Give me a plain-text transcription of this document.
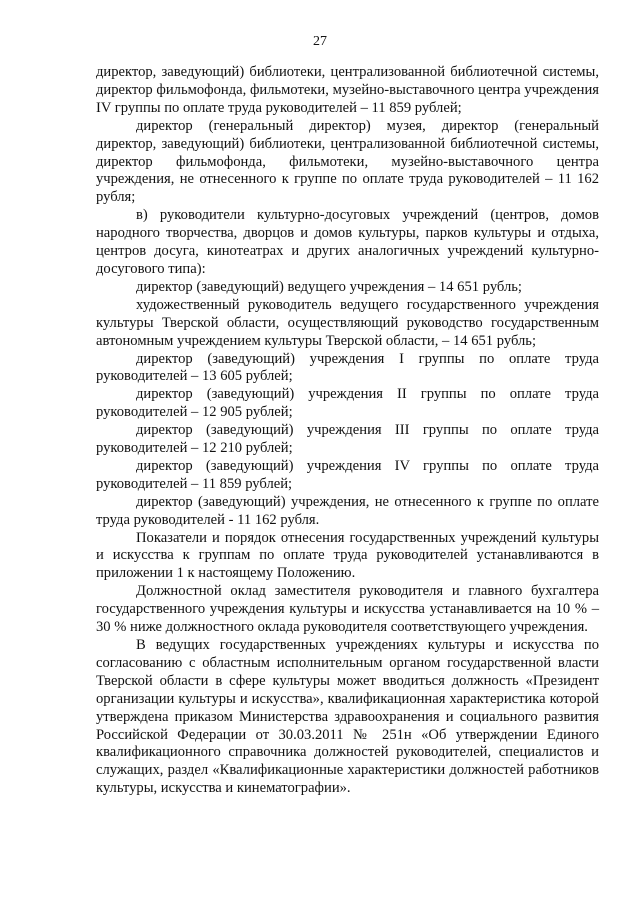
27

директор, заведующий) библиотеки, централизованной библиотечной системы, директор фильмофонда, фильмотеки, музейно-выставочного центра учреждения IV группы по оплате труда руководителей – 11 859 рублей;

директор (генеральный директор) музея, директор (генеральный директор, заведующий) библиотеки, централизованной библиотечной системы, директор фильмофонда, фильмотеки, музейно-выставочного центра учреждения, не отнесенного к группе по оплате труда руководителей – 11 162 рубля;

в) руководители культурно-досуговых учреждений (центров, домов народного творчества, дворцов и домов культуры, парков культуры и отдыха, центров досуга, кинотеатрах и других аналогичных учреждений культурно-досугового типа):

директор (заведующий) ведущего учреждения – 14 651 рубль;

художественный руководитель ведущего государственного учреждения культуры Тверской области, осуществляющий руководство государственным автономным учреждением культуры Тверской области, – 14 651 рубль;

директор (заведующий) учреждения I группы по оплате труда руководителей – 13 605 рублей;

директор (заведующий) учреждения II группы по оплате труда руководителей – 12 905 рублей;

директор (заведующий) учреждения III группы по оплате труда руководителей – 12 210 рублей;

директор (заведующий) учреждения IV группы по оплате труда руководителей – 11 859 рублей;

директор (заведующий) учреждения, не отнесенного к группе по оплате труда руководителей - 11 162 рубля.

Показатели и порядок отнесения государственных учреждений культуры и искусства к группам по оплате труда руководителей устанавливаются в приложении 1 к настоящему Положению.

Должностной оклад заместителя руководителя и главного бухгалтера государственного учреждения культуры и искусства устанавливается на 10 % – 30 % ниже должностного оклада руководителя соответствующего учреждения.

В ведущих государственных учреждениях культуры и искусства по согласованию с областным исполнительным органом государственной власти Тверской области в сфере культуры может вводиться должность «Президент организации культуры и искусства», квалификационная характеристика которой утверждена приказом Министерства здравоохранения и социального развития Российской Федерации от 30.03.2011 № 251н «Об утверждении Единого квалификационного справочника должностей руководителей, специалистов и служащих, раздел «Квалификационные характеристики должностей работников культуры, искусства и кинематографии».
